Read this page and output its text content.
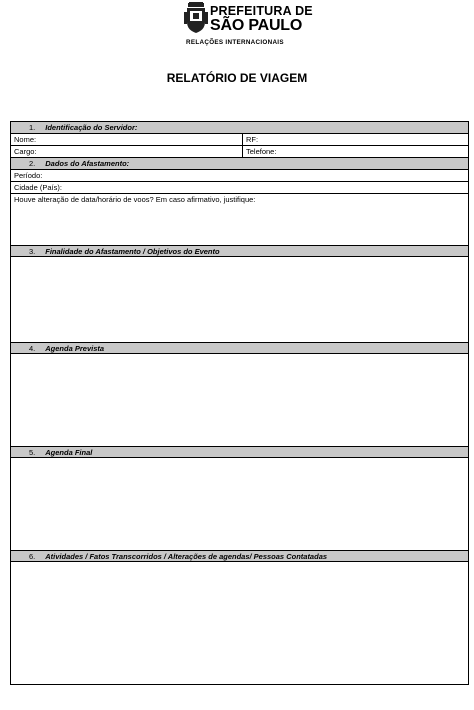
PREFEITURA DE
SÃO PAULO
RELAÇÕES INTERNACIONAIS
RELATÓRIO DE VIAGEM
1. Identificação do Servidor:
Nome:	RF:
Cargo:	Telefone:
2. Dados do Afastamento:
Período:
Cidade (País):
Houve alteração de data/horário de voos? Em caso afirmativo, justifique:
3. Finalidade do Afastamento / Objetivos do Evento
4. Agenda Prevista
5. Agenda Final
6. Atividades / Fatos Transcorridos / Alterações de agendas/ Pessoas Contatadas
